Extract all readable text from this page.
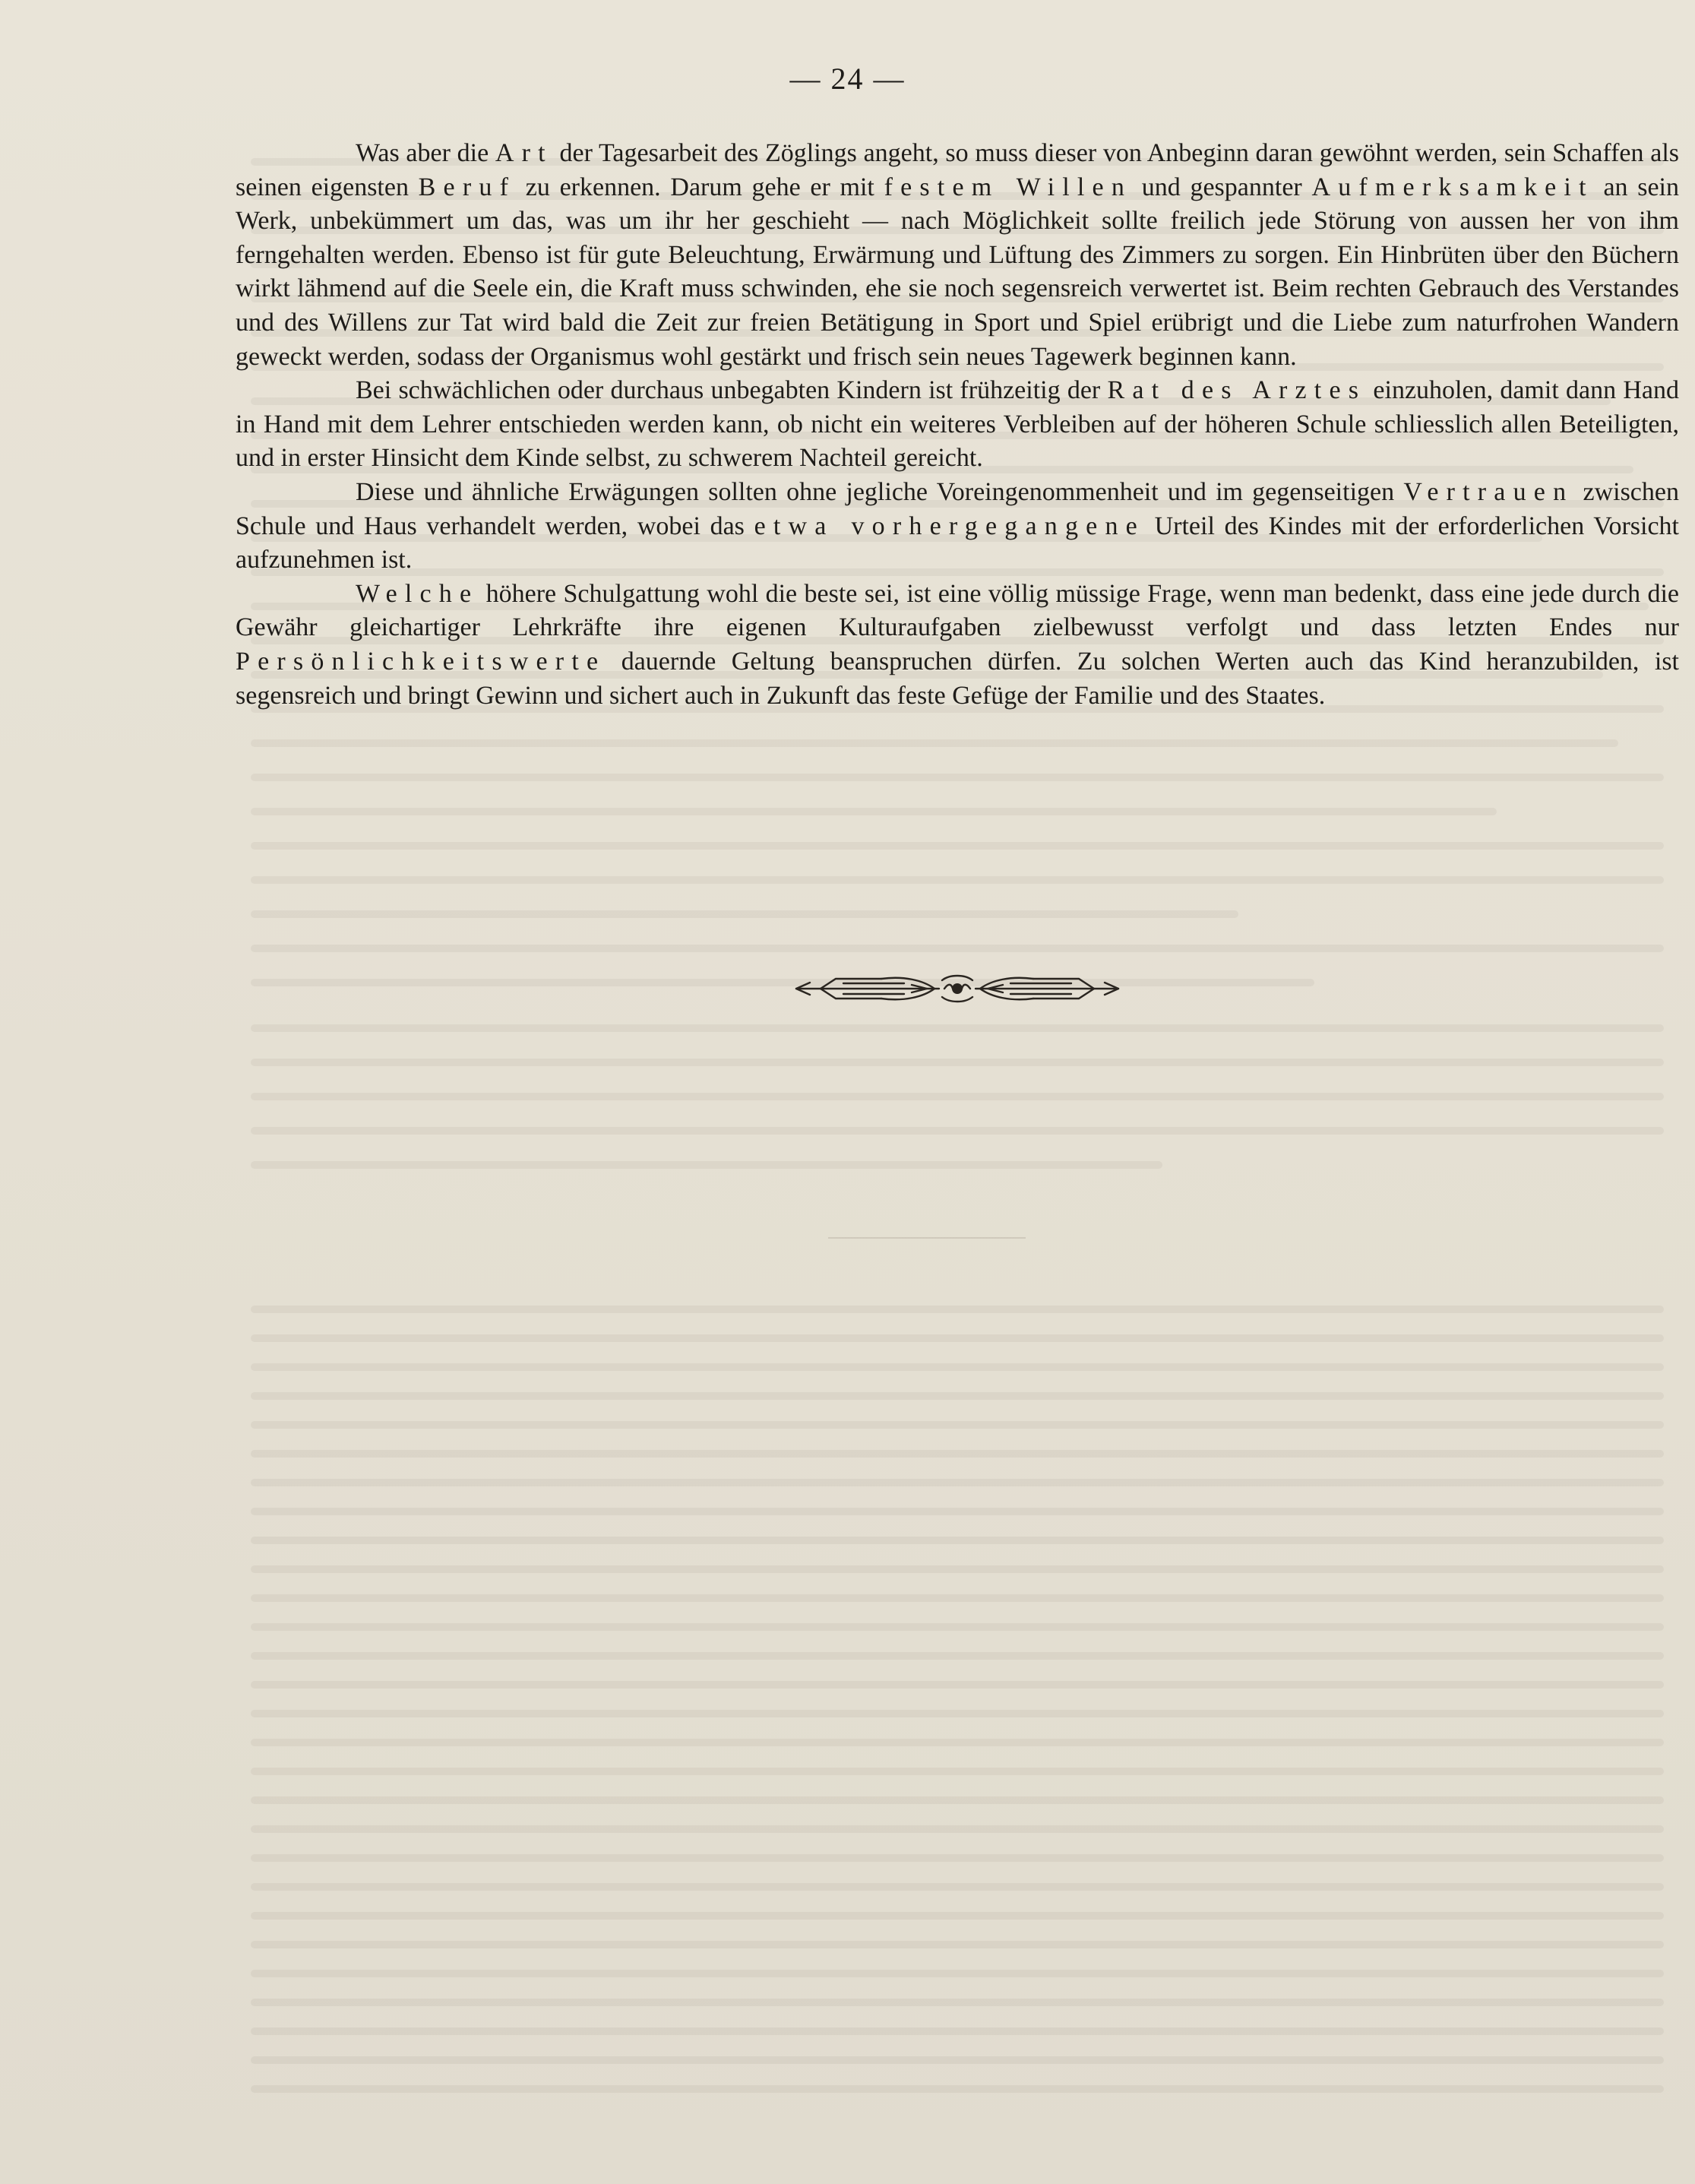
— 24 —

Was aber die Art der Tagesarbeit des Zöglings angeht, so muss dieser von Anbeginn daran gewöhnt werden, sein Schaffen als seinen eigensten Beruf zu erkennen. Darum gehe er mit festem Willen und gespannter Aufmerksamkeit an sein Werk, unbekümmert um das, was um ihr her geschieht — nach Möglichkeit sollte freilich jede Störung von aussen her von ihm ferngehalten werden. Ebenso ist für gute Beleuchtung, Erwärmung und Lüftung des Zimmers zu sorgen. Ein Hinbrüten über den Büchern wirkt lähmend auf die Seele ein, die Kraft muss schwinden, ehe sie noch segensreich verwertet ist. Beim rechten Gebrauch des Verstandes und des Willens zur Tat wird bald die Zeit zur freien Betätigung in Sport und Spiel erübrigt und die Liebe zum naturfrohen Wandern geweckt werden, sodass der Organismus wohl gestärkt und frisch sein neues Tagewerk beginnen kann.

Bei schwächlichen oder durchaus unbegabten Kindern ist frühzeitig der Rat des Arztes einzuholen, damit dann Hand in Hand mit dem Lehrer entschieden werden kann, ob nicht ein weiteres Verbleiben auf der höheren Schule schliesslich allen Beteiligten, und in erster Hinsicht dem Kinde selbst, zu schwerem Nachteil gereicht.

Diese und ähnliche Erwägungen sollten ohne jegliche Voreingenommenheit und im gegenseitigen Vertrauen zwischen Schule und Haus verhandelt werden, wobei das etwa vorhergegangene Urteil des Kindes mit der erforderlichen Vorsicht aufzunehmen ist.

Welche höhere Schulgattung wohl die beste sei, ist eine völlig müssige Frage, wenn man bedenkt, dass eine jede durch die Gewähr gleichartiger Lehrkräfte ihre eigenen Kulturaufgaben zielbewusst verfolgt und dass letzten Endes nur Persönlichkeitswerte dauernde Geltung beanspruchen dürfen. Zu solchen Werten auch das Kind heranzubilden, ist segensreich und bringt Gewinn und sichert auch in Zukunft das feste Gefüge der Familie und des Staates.
